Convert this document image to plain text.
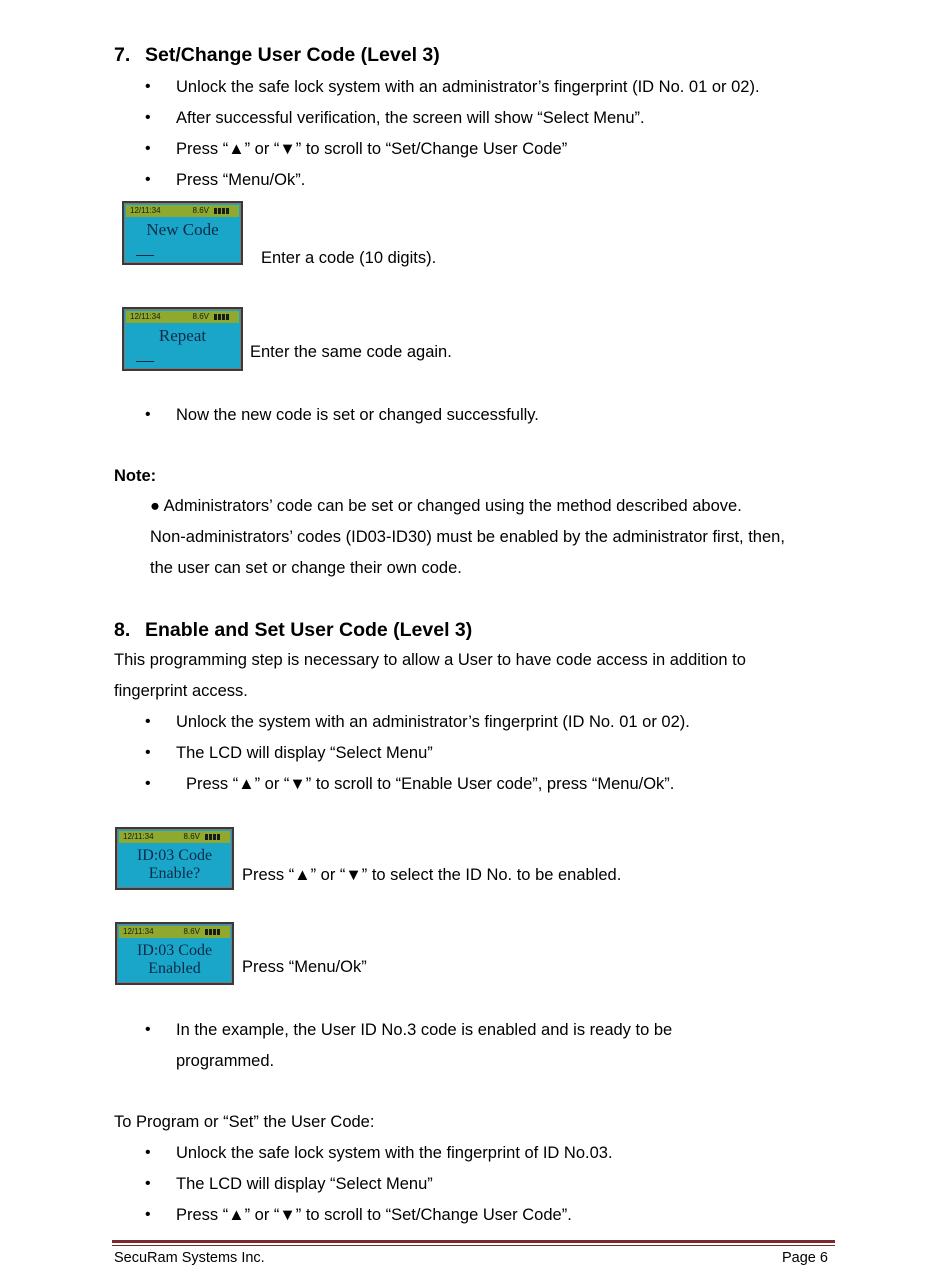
7. Set/Change User Code (Level 3)
• Unlock the safe lock system with an administrator’s fingerprint (ID No. 01 or 02).
• After successful verification, the screen will show “Select Menu”.
• Press “▲” or “▼” to scroll to “Set/Change User Code”
• Press “Menu/Ok”.
12/11:34	8.6V
New Code
Enter a code (10 digits).
12/11:34	8.6V
Repeat
Enter the same code again.
• Now the new code is set or changed successfully.
Note:
● Administrators’ code can be set or changed using the method described above.
Non-administrators’ codes (ID03-ID30) must be enabled by the administrator first, then,
the user can set or change their own code.
8. Enable and Set User Code (Level 3)
This programming step is necessary to allow a User to have code access in addition to
fingerprint access.
• Unlock the system with an administrator’s fingerprint (ID No. 01 or 02).
• The LCD will display “Select Menu”
• Press “▲” or “▼” to scroll to “Enable User code”, press “Menu/Ok”.
12/11:34	8.6V
ID:03 Code
Enable?	Press “▲” or “▼” to select the ID No. to be enabled.
12/11:34	8.6V
ID:03 Code
Enabled	Press “Menu/Ok”
• In the example, the User ID No.3 code is enabled and is ready to be
programmed.
To Program or “Set” the User Code:
• Unlock the safe lock system with the fingerprint of ID No.03.
• The LCD will display “Select Menu”
• Press “▲” or “▼” to scroll to “Set/Change User Code”.
SecuRam Systems Inc.	Page 6
